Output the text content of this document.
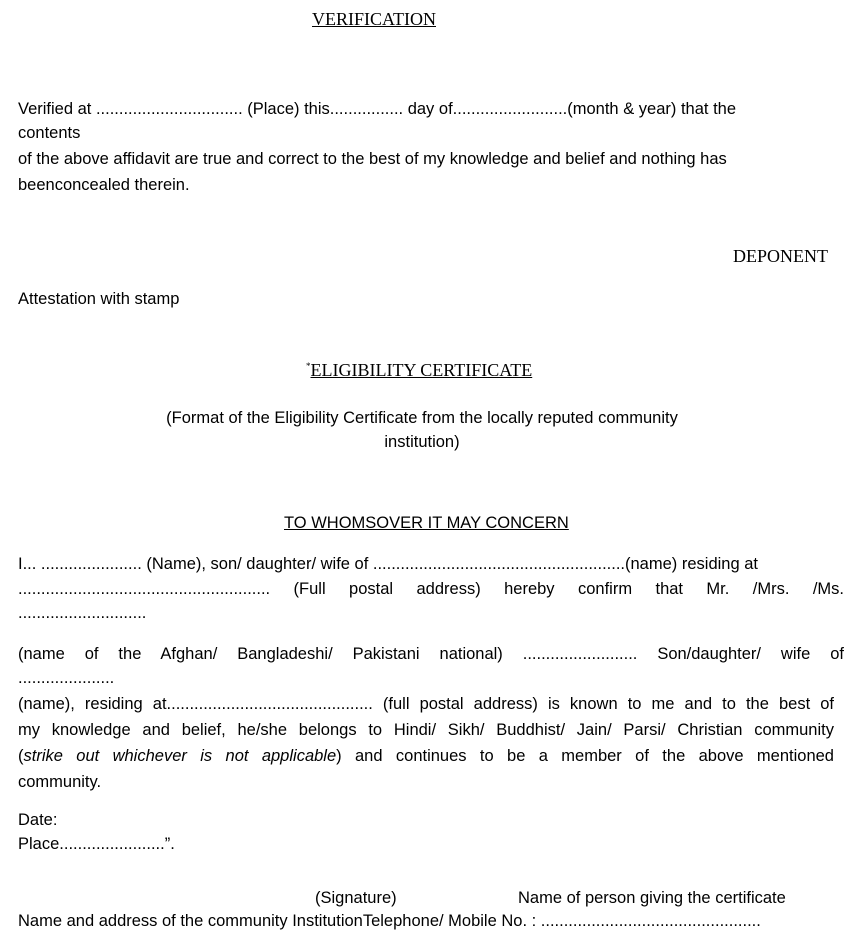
VERIFICATION
Verified at ................................ (Place) this................ day of.........................(month & year) that the
contents
of the above affidavit are true and correct to the best of my knowledge and belief and nothing has
beenconcealed therein.
DEPONENT
Attestation with stamp
*ELIGIBILITY CERTIFICATE
(Format of the Eligibility Certificate from the locally reputed community
institution)
TO WHOMSOVER IT MAY CONCERN
I... ...................... (Name), son/ daughter/ wife of .......................................................(name) residing at
....................................................... (Full postal address) hereby confirm that Mr. /Mrs. /Ms.
............................
(name of the Afghan/ Bangladeshi/ Pakistani national) ......................... Son/daughter/ wife of
.....................
(name), residing at............................................. (full postal address) is known to me and to the best of
my knowledge and belief, he/she belongs to Hindi/ Sikh/ Buddhist/ Jain/ Parsi/ Christian community
(strike out whichever is not applicable) and continues to be a member of the above mentioned
community.
Date:
Place.......................”.
(Signature)	Name of person giving the certificate
Name and address of the community InstitutionTelephone/ Mobile No. : ................................................
